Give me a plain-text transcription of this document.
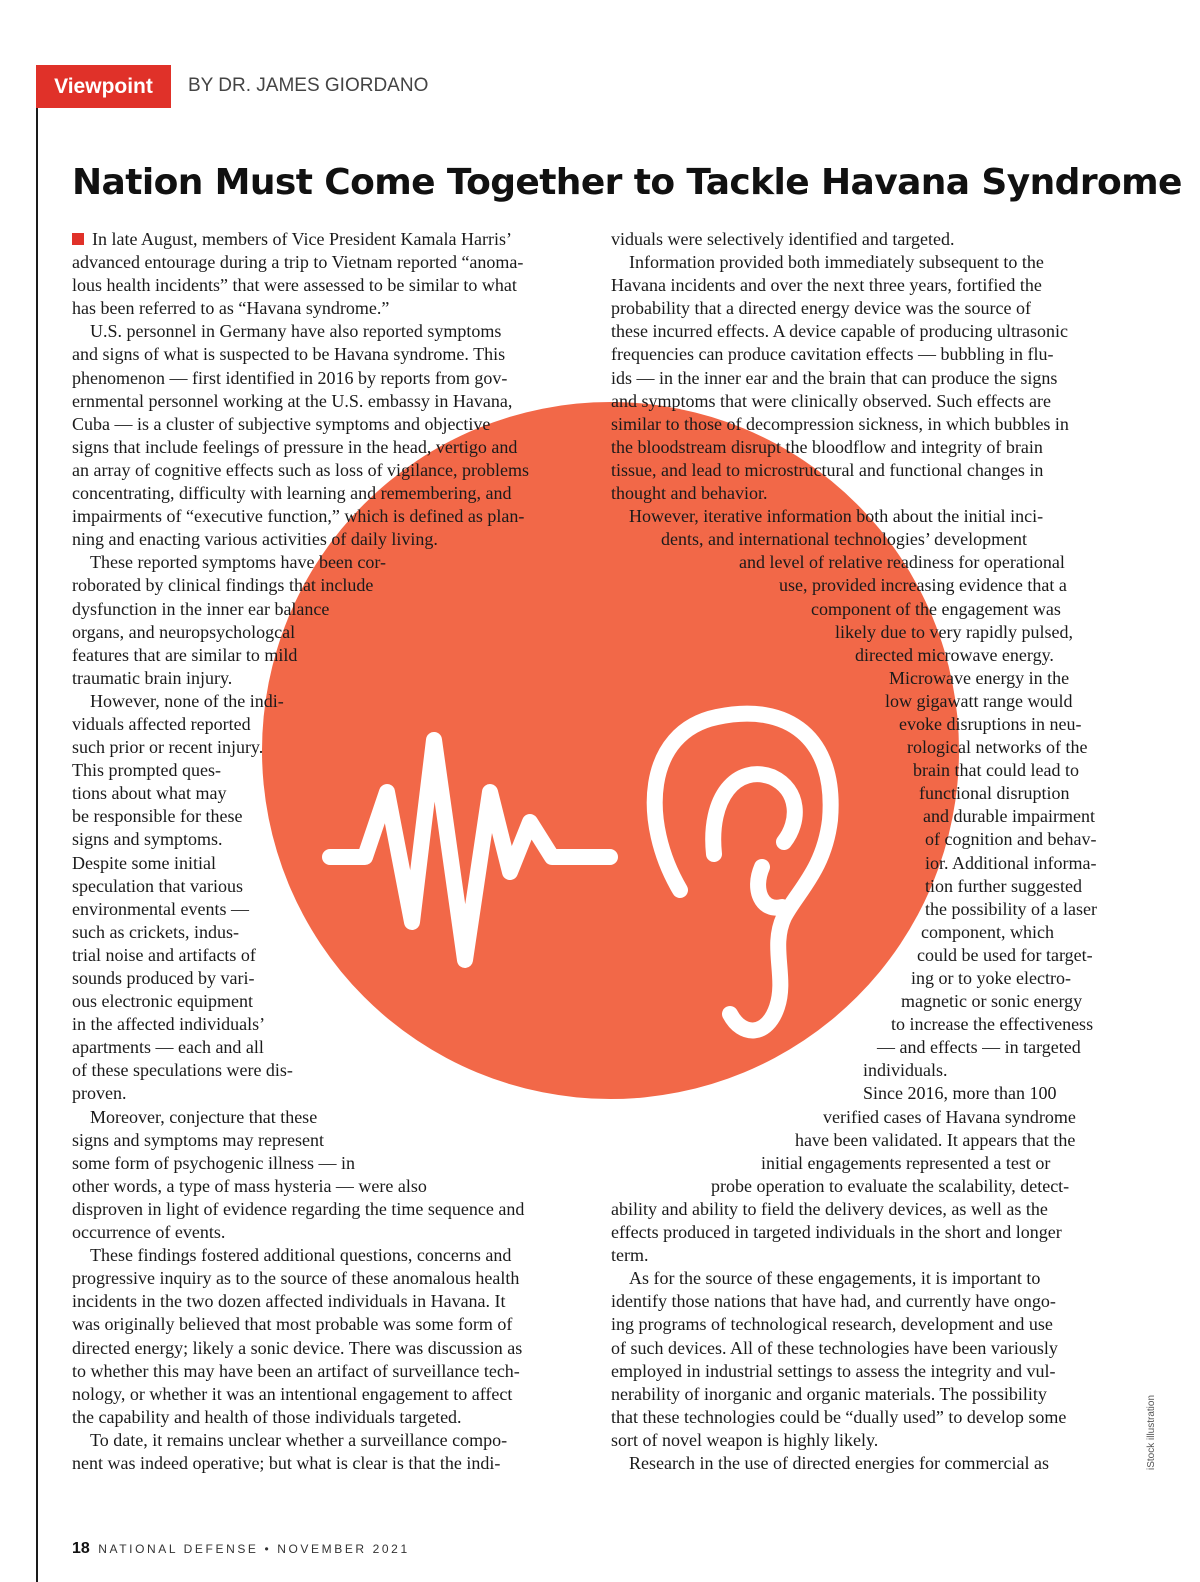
Viewpoint	BY DR. JAMES GIORDANO
Nation Must Come Together to Tackle Havana Syndrome
In late August, members of Vice President Kamala Harris’
advanced entourage during a trip to Vietnam reported “anoma-
lous health incidents” that were assessed to be similar to what
has been referred to as “Havana syndrome.”
U.S. personnel in Germany have also reported symptoms
and signs of what is suspected to be Havana syndrome. This
phenomenon — first identified in 2016 by reports from gov-
ernmental personnel working at the U.S. embassy in Havana,
Cuba — is a cluster of subjective symptoms and objective
signs that include feelings of pressure in the head, vertigo and
an array of cognitive effects such as loss of vigilance, problems
concentrating, difficulty with learning and remembering, and
impairments of “executive function,” which is defined as plan-
ning and enacting various activities of daily living.
These reported symptoms have been cor-
roborated by clinical findings that include
dysfunction in the inner ear balance
organs, and neuropsychologcal
features that are similar to mild
traumatic brain injury.
However, none of the indi-
viduals affected reported
such prior or recent injury.
This prompted ques-
tions about what may
be responsible for these
signs and symptoms.
Despite some initial
speculation that various
environmental events —
such as crickets, indus-
trial noise and artifacts of
sounds produced by vari-
ous electronic equipment
in the affected individuals’
apartments — each and all
of these speculations were dis-
proven.
Moreover, conjecture that these
signs and symptoms may represent
some form of psychogenic illness — in
other words, a type of mass hysteria — were also
disproven in light of evidence regarding the time sequence and
occurrence of events.
These findings fostered additional questions, concerns and
progressive inquiry as to the source of these anomalous health
incidents in the two dozen affected individuals in Havana. It
was originally believed that most probable was some form of
directed energy; likely a sonic device. There was discussion as
to whether this may have been an artifact of surveillance tech-
nology, or whether it was an intentional engagement to affect
the capability and health of those individuals targeted.
To date, it remains unclear whether a surveillance compo-
nent was indeed operative; but what is clear is that the indi-
viduals were selectively identified and targeted.
Information provided both immediately subsequent to the
Havana incidents and over the next three years, fortified the
probability that a directed energy device was the source of
these incurred effects. A device capable of producing ultrasonic
frequencies can produce cavitation effects — bubbling in flu-
ids — in the inner ear and the brain that can produce the signs
and symptoms that were clinically observed. Such effects are
similar to those of decompression sickness, in which bubbles in
the bloodstream disrupt the bloodflow and integrity of brain
tissue, and lead to microstructural and functional changes in
thought and behavior.
However, iterative information both about the initial inci-
dents, and international technologies’ development
and level of relative readiness for operational
use, provided increasing evidence that a
component of the engagement was
likely due to very rapidly pulsed,
directed microwave energy.
Microwave energy in the
low gigawatt range would
evoke disruptions in neu-
rological networks of the
brain that could lead to
functional disruption
and durable impairment
of cognition and behav-
ior. Additional informa-
tion further suggested
the possibility of a laser
component, which
could be used for target-
ing or to yoke electro-
magnetic or sonic energy
to increase the effectiveness
— and effects — in targeted
individuals.
Since 2016, more than 100
verified cases of Havana syndrome
have been validated. It appears that the
initial engagements represented a test or
probe operation to evaluate the scalability, detect-
ability and ability to field the delivery devices, as well as the
effects produced in targeted individuals in the short and longer
term.
As for the source of these engagements, it is important to
identify those nations that have had, and currently have ongo-
ing programs of technological research, development and use
of such devices. All of these technologies have been variously
employed in industrial settings to assess the integrity and vul-
nerability of inorganic and organic materials. The possibility
that these technologies could be “dually used” to develop some
sort of novel weapon is highly likely.
Research in the use of directed energies for commercial as	iStock illustration
18 NATIONAL DEFENSE • NOVEMBER 2021
